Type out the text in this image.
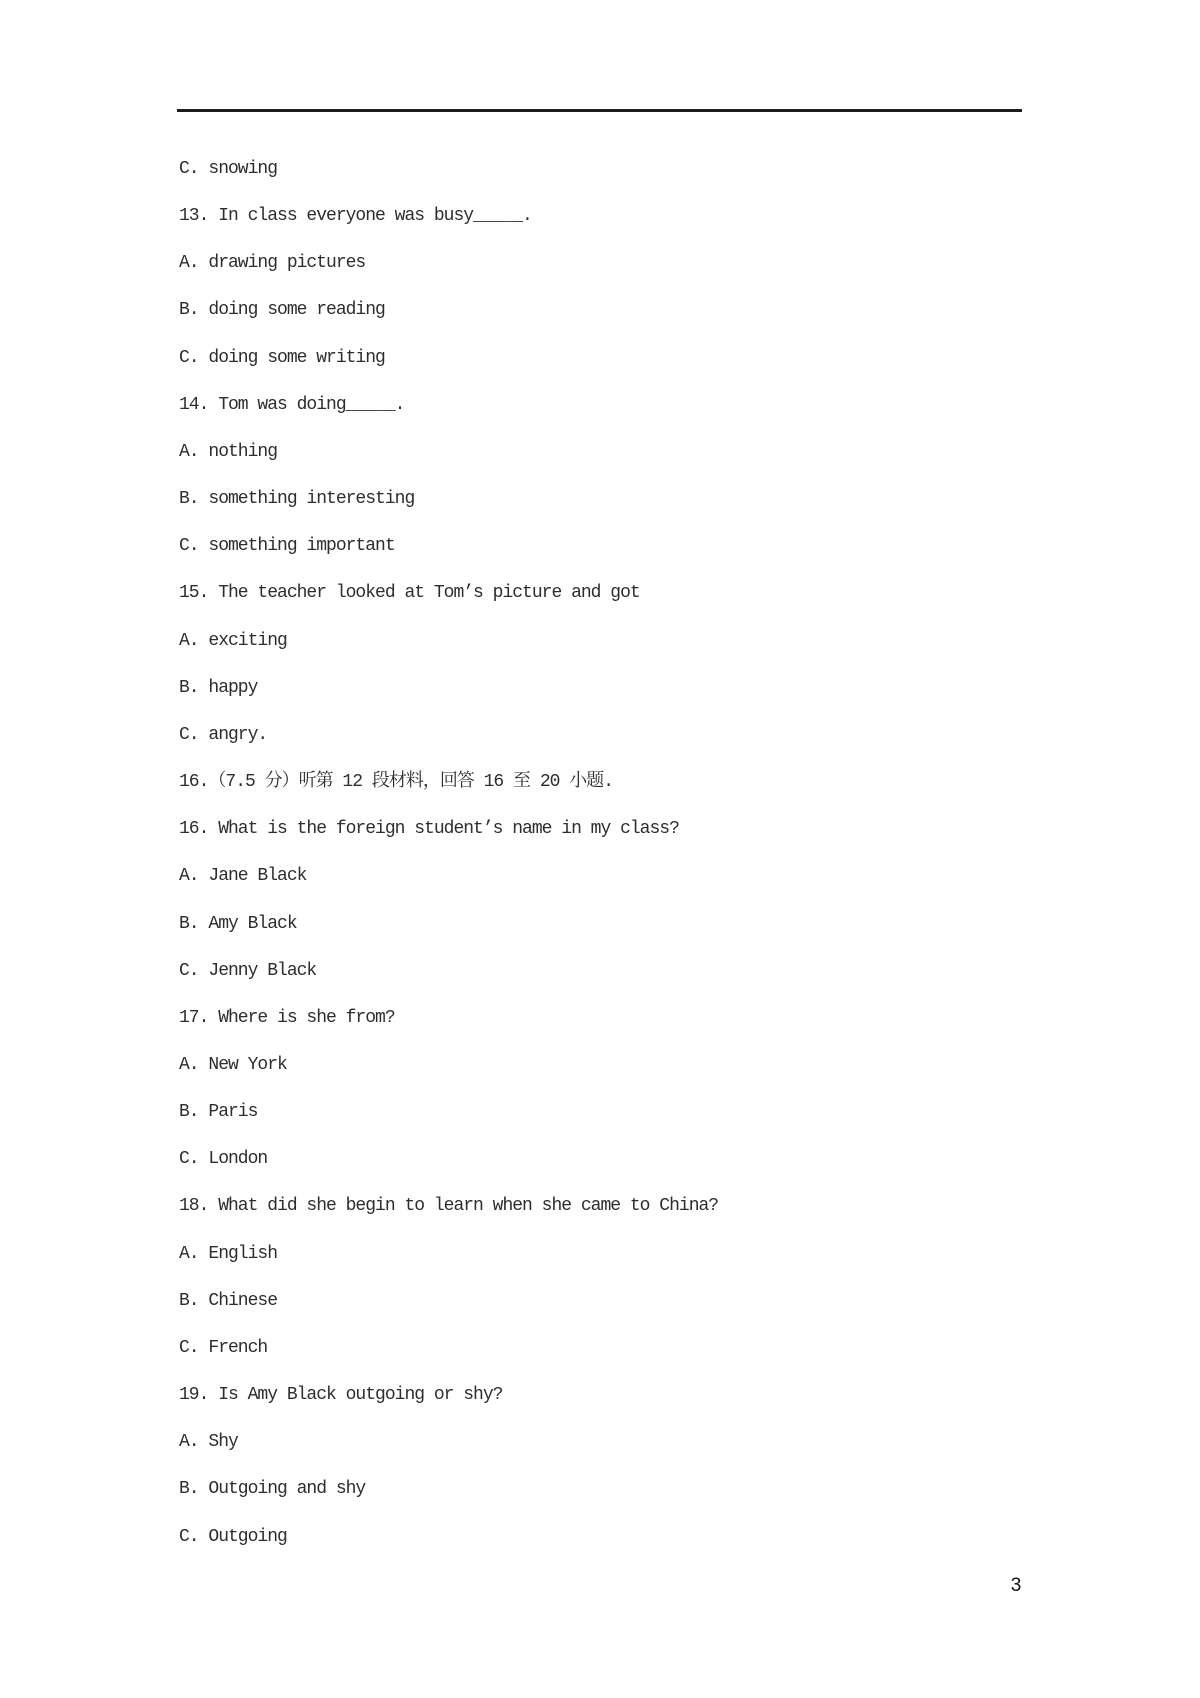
C. snowing
13. In class everyone was busy_____.
A. drawing pictures
B. doing some reading
C. doing some writing
14. Tom was doing_____.
A. nothing
B. something interesting
C. something important
15. The teacher looked at Tom’s picture and got
A. exciting
B. happy
C. angry.
16.（7.5 分）听第 12 段材料，回答 16 至 20 小题.
16. What is the foreign student’s name in my class?
A. Jane Black
B. Amy Black
C. Jenny Black
17. Where is she from?
A. New York
B. Paris
C. London
18. What did she begin to learn when she came to China?
A. English
B. Chinese
C. French
19. Is Amy Black outgoing or shy?
A. Shy
B. Outgoing and shy
C. Outgoing
3
